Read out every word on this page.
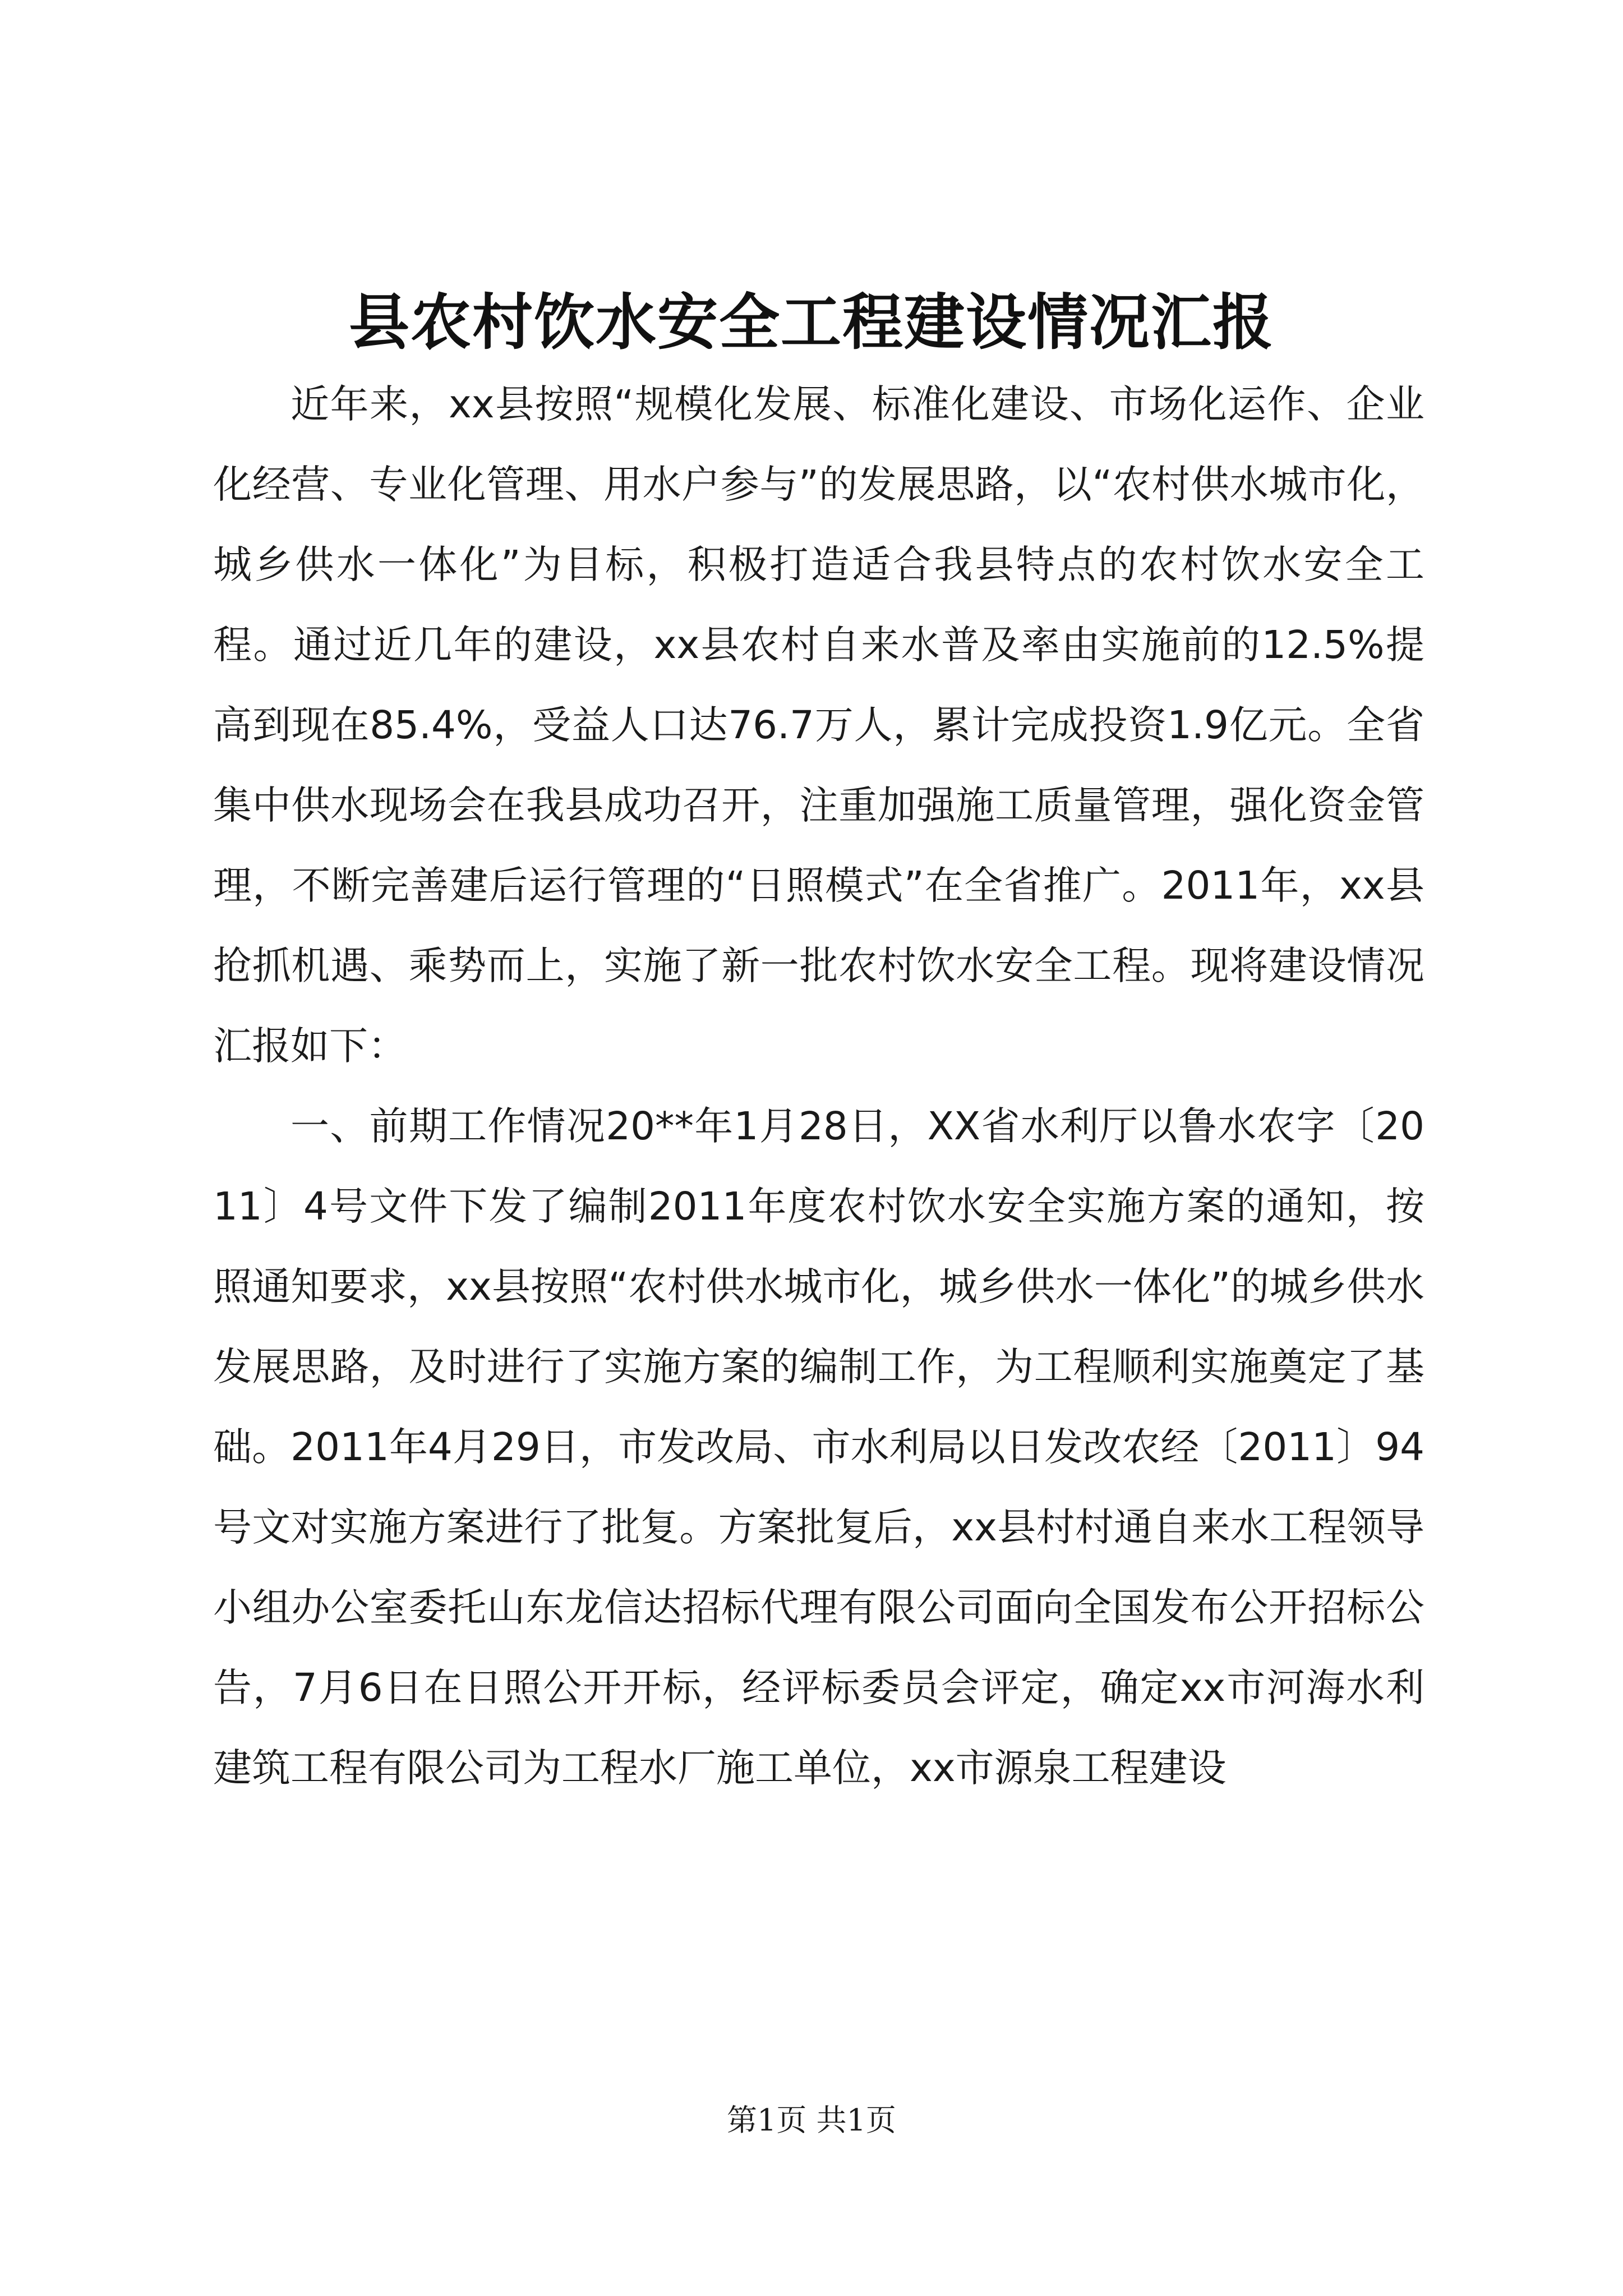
县农村饮水安全工程建设情况汇报

近年来，xx县按照“规模化发展、标准化建设、市场化运作、企业化经营、专业化管理、用水户参与”的发展思路，以“农村供水城市化，城乡供水一体化”为目标，积极打造适合我县特点的农村饮水安全工程。通过近几年的建设，xx县农村自来水普及率由实施前的12.5%提高到现在85.4%，受益人口达76.7万人，累计完成投资1.9亿元。全省集中供水现场会在我县成功召开，注重加强施工质量管理，强化资金管理，不断完善建后运行管理的“日照模式”在全省推广。2011年，xx县抢抓机遇、乘势而上，实施了新一批农村饮水安全工程。现将建设情况汇报如下：

一、前期工作情况20**年1月28日，XX省水利厅以鲁水农字〔2011〕4号文件下发了编制2011年度农村饮水安全实施方案的通知，按照通知要求，xx县按照“农村供水城市化，城乡供水一体化”的城乡供水发展思路，及时进行了实施方案的编制工作，为工程顺利实施奠定了基础。2011年4月29日，市发改局、市水利局以日发改农经〔2011〕94号文对实施方案进行了批复。方案批复后，xx县村村通自来水工程领导小组办公室委托山东龙信达招标代理有限公司面向全国发布公开招标公告，7月6日在日照公开开标，经评标委员会评定，确定xx市河海水利建筑工程有限公司为工程水厂施工单位，xx市源泉工程建设

第1页 共1页
